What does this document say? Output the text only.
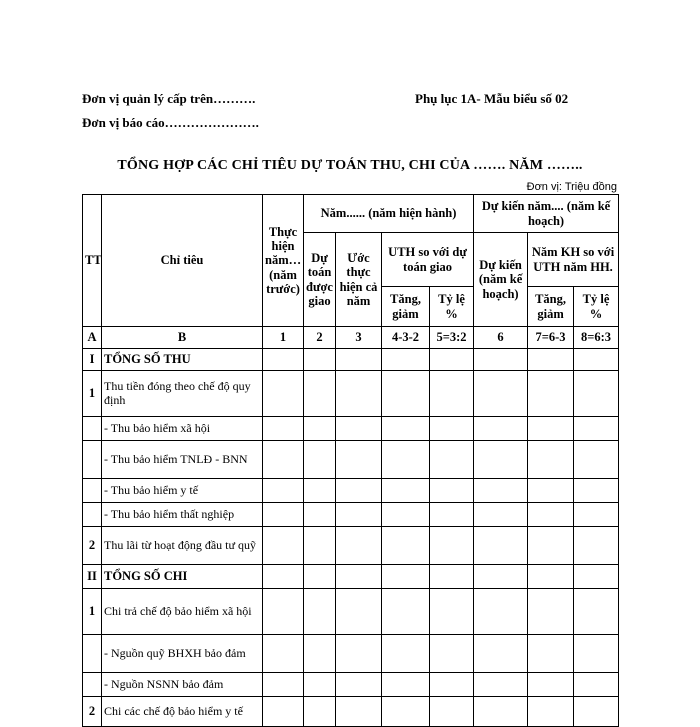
Đơn vị quản lý cấp trên……….	Phụ lục 1A- Mẫu biểu số 02
Đơn vị báo cáo………………….
TỔNG HỢP CÁC CHỈ TIÊU DỰ TOÁN THU, CHI CỦA ……. NĂM ……..
Đơn vị: Triệu đồng
TT	Chỉ tiêu	Thực hiện năm… (năm trước)	Năm...... (năm hiện hành)				Dự kiến năm.... (năm kế hoạch)		
			Dự toán được giao	Ước thực hiện cả năm	UTH so với dự toán giao		Dự kiến (năm kế hoạch)	Năm KH so với UTH năm HH.	
					Tăng, giảm	Tỷ lệ %		Tăng, giảm	Tỷ lệ %
A	B	1	2	3	4-3-2	5=3:2	6	7=6-3	8=6:3
I	TỔNG SỐ THU								
1	Thu tiền đóng theo chế độ quy định								
	- Thu bảo hiểm xã hội								
	- Thu bảo hiểm TNLĐ - BNN								
	- Thu bảo hiểm y tế								
	- Thu bảo hiểm thất nghiệp								
2	Thu lãi từ hoạt động đầu tư quỹ								
II	TỔNG SỐ CHI								
1	Chi trả chế độ bảo hiểm xã hội								
	- Nguồn quỹ BHXH bảo đảm								
	- Nguồn NSNN bảo đảm								
2	Chi các chế độ bảo hiểm y tế								
